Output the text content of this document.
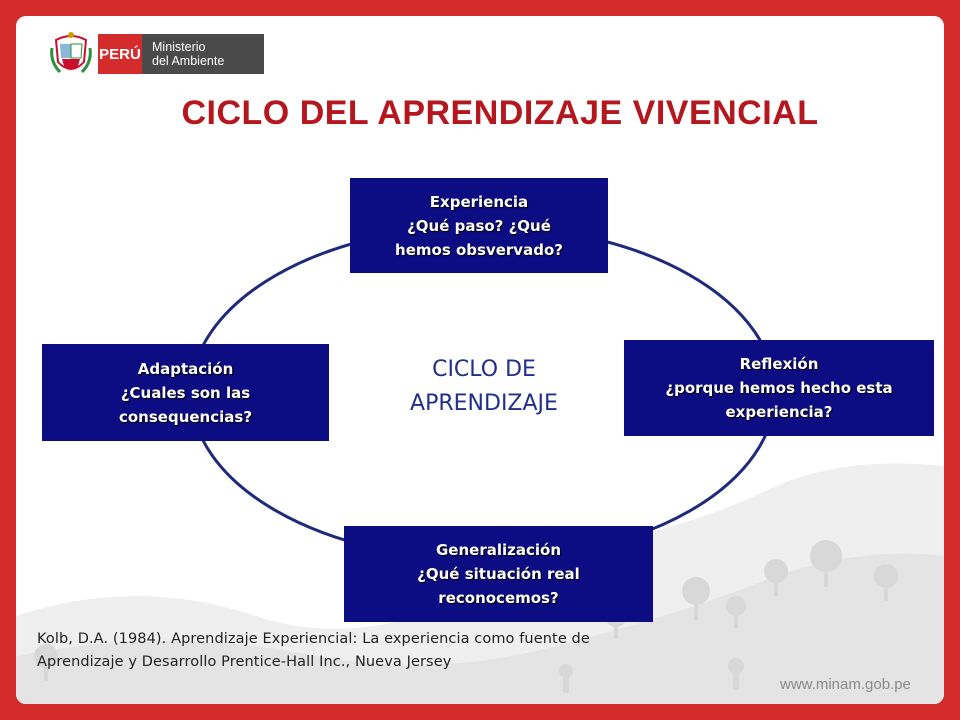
PERÚ Ministerio
del Ambiente
CICLO DEL APRENDIZAJE VIVENCIAL
CICLO DE
APRENDIZAJE
Experiencia
¿Qué paso? ¿Qué
hemos obsvervado?
Reflexión
¿porque hemos hecho esta
experiencia?
Generalización
¿Qué situación real
reconocemos?
Adaptación
¿Cuales son las
consequencias?
Kolb, D.A. (1984). Aprendizaje Experiencial: La experiencia como fuente de
Aprendizaje y Desarrollo Prentice-Hall Inc., Nueva Jersey
www.minam.gob.pe
